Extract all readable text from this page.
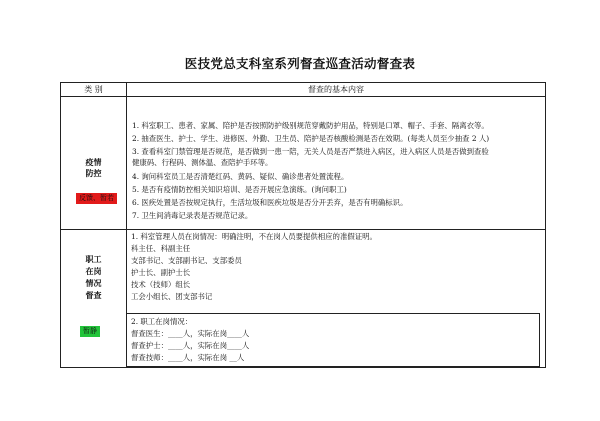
医技党总支科室系列督查巡查活动督查表
类 别	督查的基本内容
疫情
防控
反馈、暂若
1. 科室职工、患者、家属、陪护是否按照防护级别规范穿戴防护用品，特别是口罩、帽子、手套、隔离衣等。
2. 抽查医生、护士、学生、进修医、外勤、卫生员、陪护是否核酸检测是否在效期。(每类人员至少抽查 2 人)
3. 查看科室门禁管理是否规范，是否做到一患一陪，无关人员是否严禁进入病区，进入病区人员是否做到查验
健康码、行程码、测体温、查陪护手环等。
4. 询问科室员工是否清楚红码、黄码、疑似、确诊患者处置流程。
5. 是否有疫情防控相关知识培训、是否开展应急演练。(询问职工)
6. 医疾处置是否按规定执行，生活垃圾和医疾垃圾是否分开丢弃，是否有明确标识。
7. 卫生间消毒记录表是否规范记录。
职工
在岗
情况
督查
暂静
1. 科室管理人员在岗情况：明确注明，不在岗人员要提供相应的准假证明。
科主任、科副主任
支部书记、支部副书记、支部委员
护士长、副护士长
技术（技师）组长
工会小组长、团支部书记
2. 职工在岗情况：
督查医生：____人，实际在岗____人
督查护士：____人，实际在岗____人
督查技师：____人，实际在岗 __人
